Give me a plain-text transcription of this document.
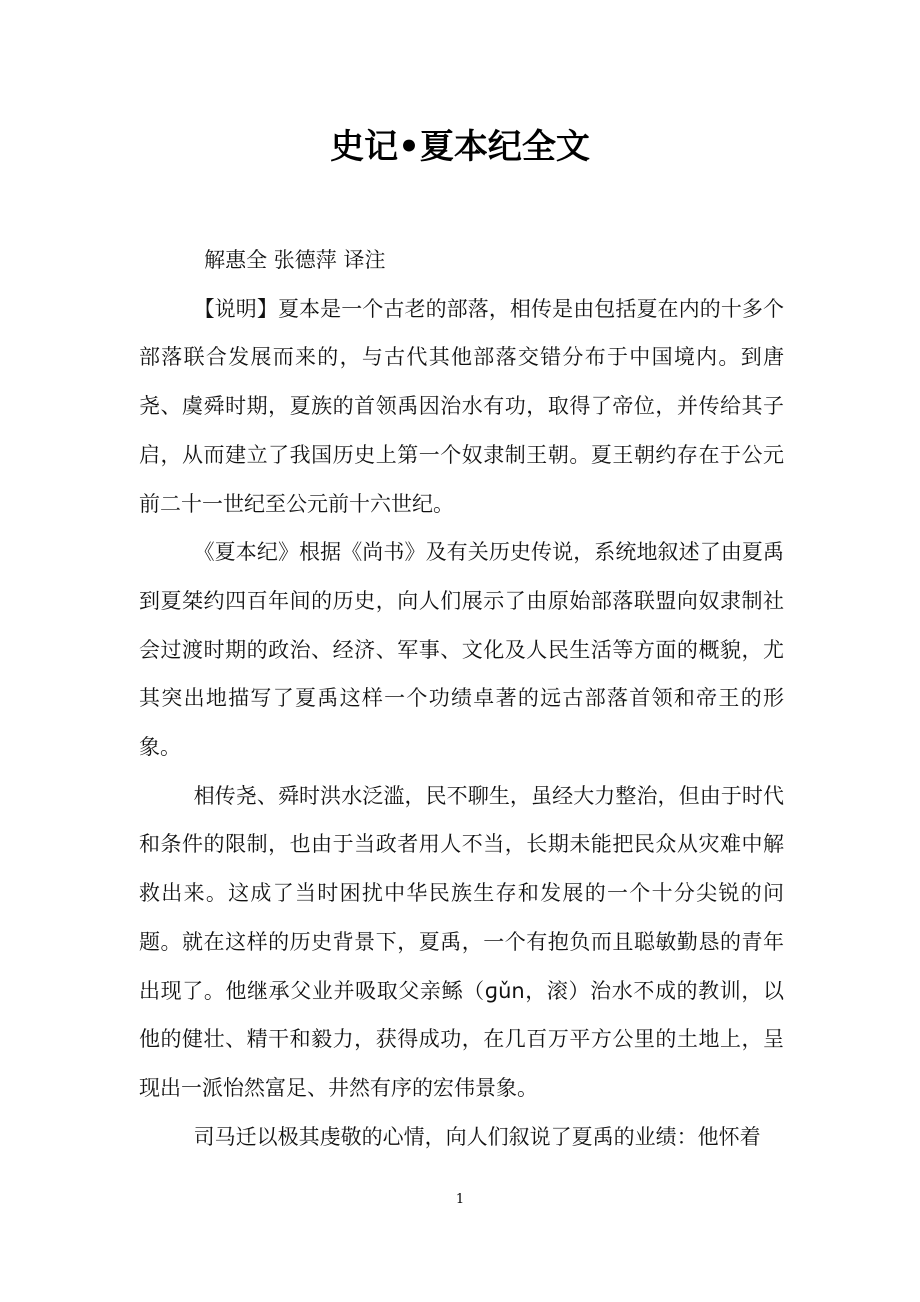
史记•夏本纪全文

解惠全 张德萍 译注

【说明】夏本是一个古老的部落，相传是由包括夏在内的十多个部落联合发展而来的，与古代其他部落交错分布于中国境内。到唐尧、虞舜时期，夏族的首领禹因治水有功，取得了帝位，并传给其子启，从而建立了我国历史上第一个奴隶制王朝。夏王朝约存在于公元前二十一世纪至公元前十六世纪。

《夏本纪》根据《尚书》及有关历史传说，系统地叙述了由夏禹到夏桀约四百年间的历史，向人们展示了由原始部落联盟向奴隶制社会过渡时期的政治、经济、军事、文化及人民生活等方面的概貌，尤其突出地描写了夏禹这样一个功绩卓著的远古部落首领和帝王的形象。

相传尧、舜时洪水泛滥，民不聊生，虽经大力整治，但由于时代和条件的限制，也由于当政者用人不当，长期未能把民众从灾难中解救出来。这成了当时困扰中华民族生存和发展的一个十分尖锐的问题。就在这样的历史背景下，夏禹，一个有抱负而且聪敏勤恳的青年出现了。他继承父业并吸取父亲鲧（ɡǔn，滚）治水不成的教训，以他的健壮、精干和毅力，获得成功，在几百万平方公里的土地上，呈现出一派怡然富足、井然有序的宏伟景象。

司马迁以极其虔敬的心情，向人们叙说了夏禹的业绩：他怀着

1
